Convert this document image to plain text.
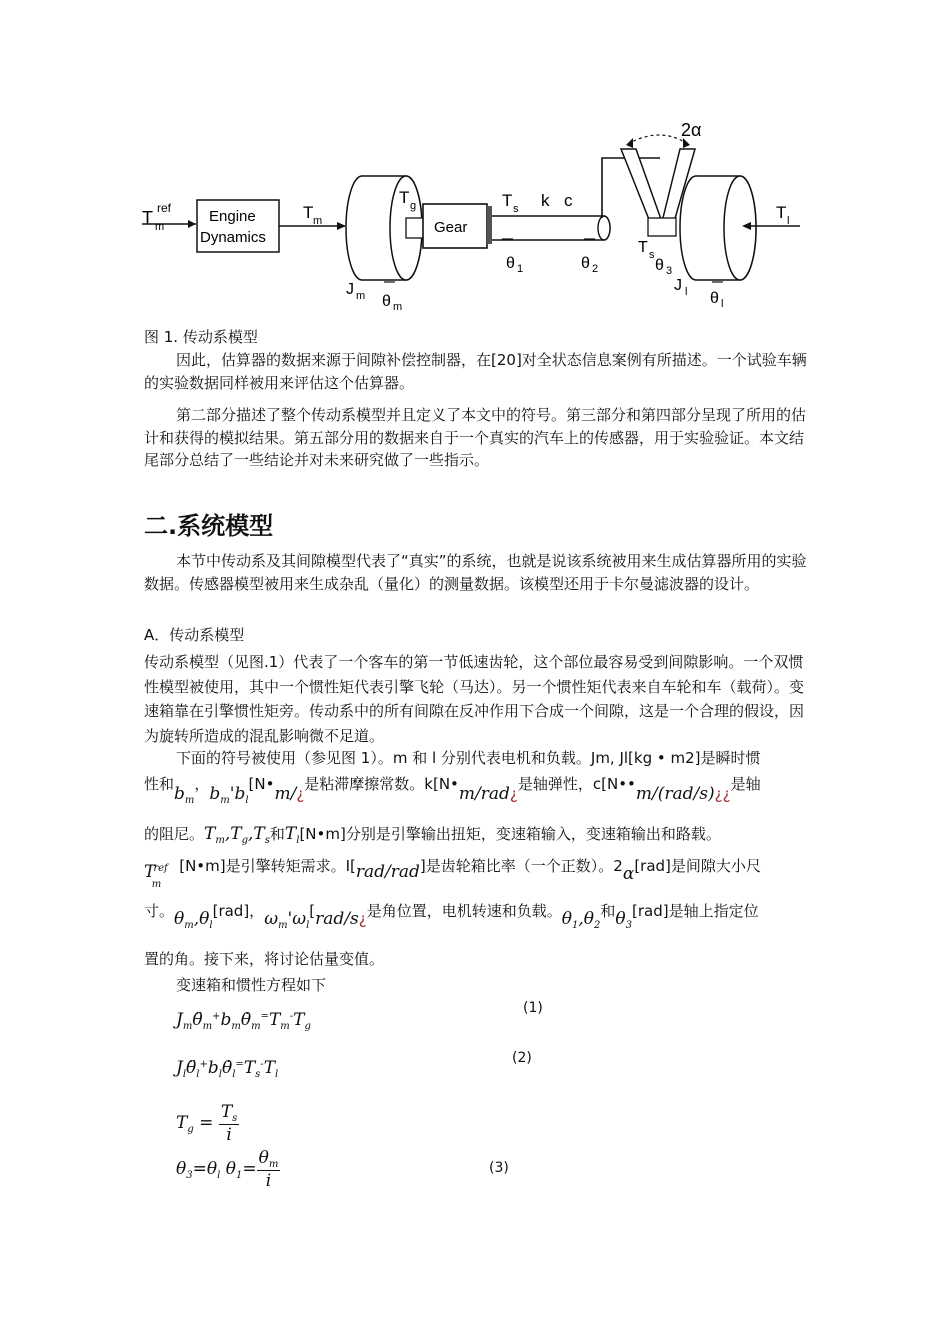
T ref
m
Engine
Dynamics
T m
T g
Gear
T s k c
θ 1	θ 2
2α
T s
θ 3
T l
J m θ m
J l θ l
图 1. 传动系模型
因此，估算器的数据来源于间隙补偿控制器，在[20]对全状态信息案例有所描述。一个试验车辆的实验数据同样被用来评估这个估算器。
第二部分描述了整个传动系模型并且定义了本文中的符号。第三部分和第四部分呈现了所用的估计和获得的模拟结果。第五部分用的数据来自于一个真实的汽车上的传感器，用于实验验证。本文结尾部分总结了一些结论并对未来研究做了一些指示。
二.系统模型
本节中传动系及其间隙模型代表了“真实”的系统，也就是说该系统被用来生成估算器所用的实验数据。传感器模型被用来生成杂乱（量化）的测量数据。该模型还用于卡尔曼滤波器的设计。
A．传动系模型
传动系模型（见图.1）代表了一个客车的第一节低速齿轮，这个部位最容易受到间隙影响。一个双惯性模型被使用，其中一个惯性矩代表引擎飞轮（马达）。另一个惯性矩代表来自车轮和车（载荷）。变速箱靠在引擎惯性矩旁。传动系中的所有间隙在反冲作用下合成一个间隙，这是一个合理的假设，因为旋转所造成的混乱影响微不足道。
下面的符号被使用（参见图 1）。m 和 l 分别代表电机和负载。Jm, Jl[kg • m2]是瞬时惯
性和$b_m$，$b_m'b_l[N•m/¿$是粘滞摩擦常数。k[N•m/rad¿是轴弹性，c[N••m/(rad/s)¿¿是轴
的阻尼。$T_m,T_g,T_s$和$T_l[N•m]$分别是引擎输出扭矩，变速箱输入，变速箱输出和路载。
$T^{ref}_m[N•m]$是引擎转矩需求。I[rad/rad]是齿轮箱比率（一个正数）。2α[rad]是间隙大小尺
寸。$\theta_m,\theta_l[rad]$，$\omega_m'\omega_l[rad/s¿$是角位置，电机转速和负载。$\theta_1,\theta_2$和$\theta_3[rad]$是轴上指定位
置的角。接下来，将讨论估量变值。
变速箱和惯性方程如下
$J_m\thetä_m^+b_m\thetȧ_m^=T_m^-T_g$
(1)
$J_l\thetä_l^+b_l\thetȧ_l^=T_s^-T_l$
(2)
$T_g = \frac{T_s}{i}$
$\theta_3=\theta_l$ $\theta_1= \frac{\theta_m}{i}$	(3)
